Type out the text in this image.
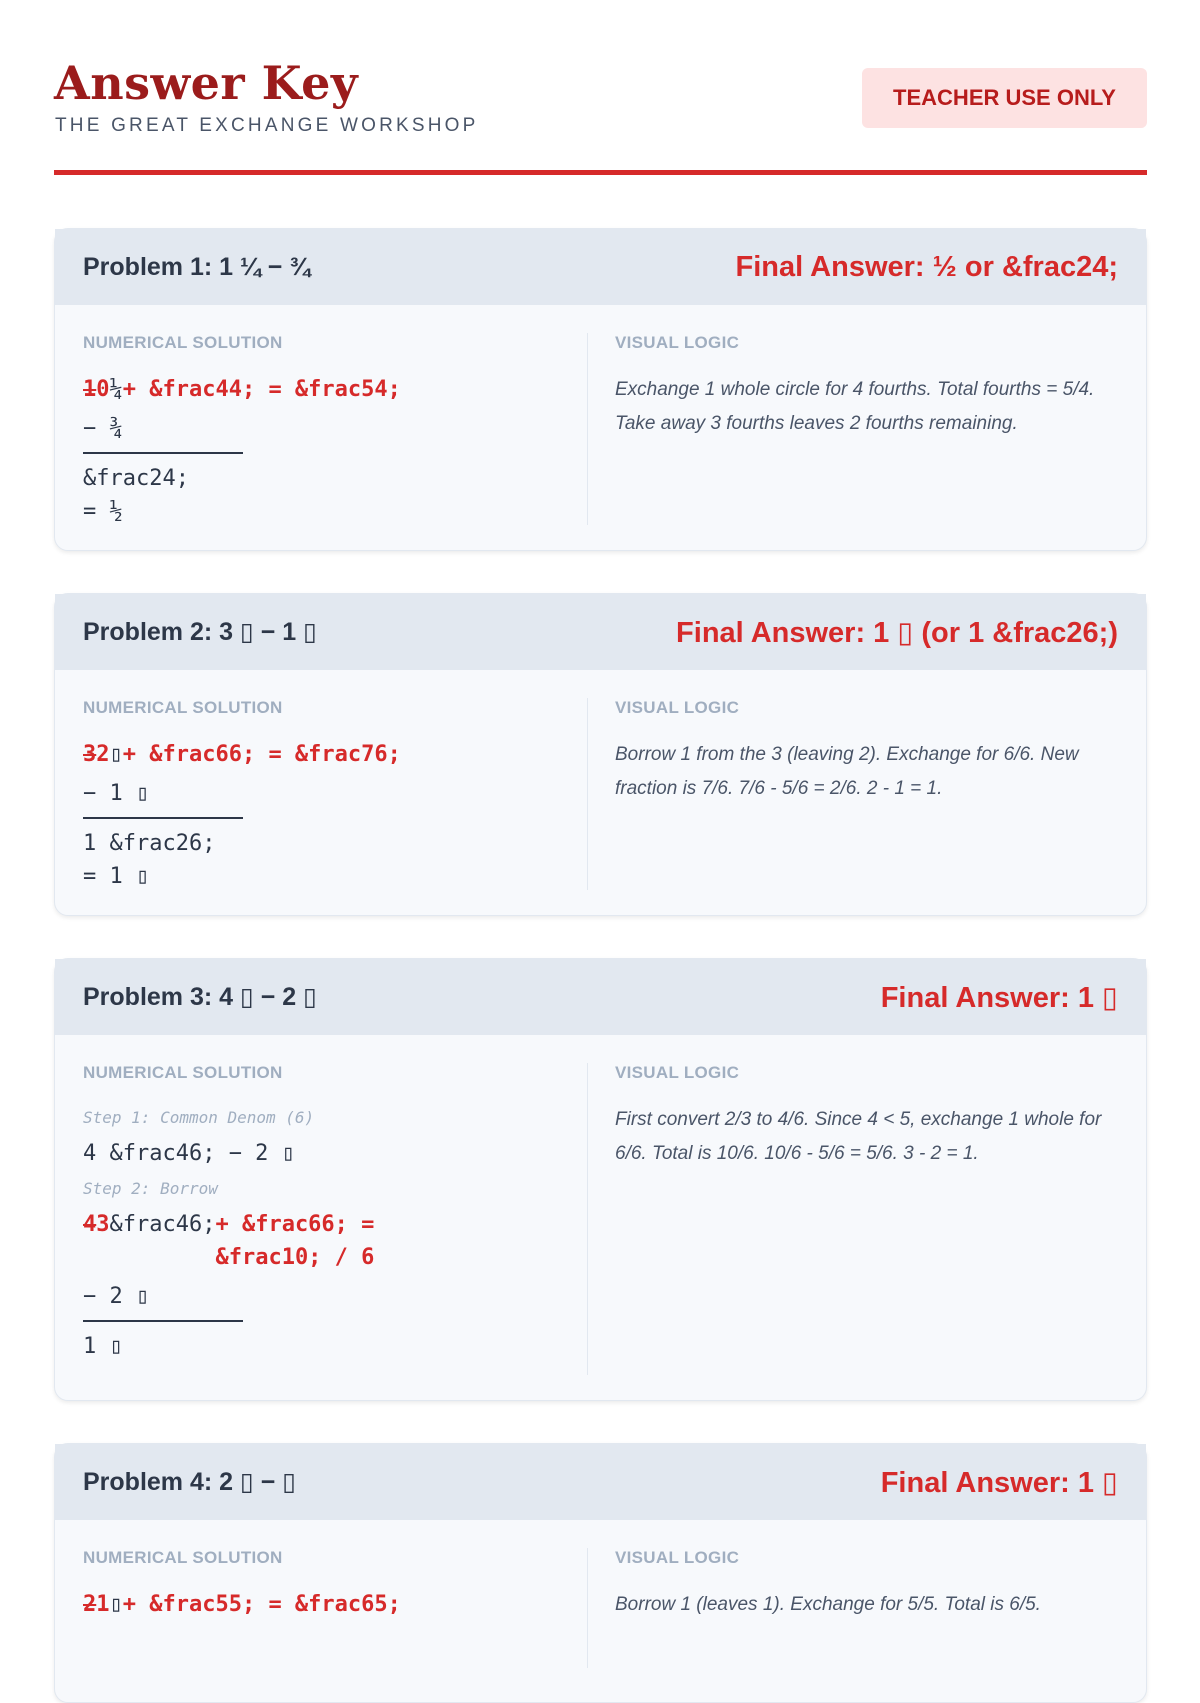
Answer Key
THE GREAT EXCHANGE WORKSHOP
TEACHER USE ONLY
Problem 1: 1 ¼ − ¾	Final Answer: ½ or &frac24;
NUMERICAL SOLUTION
1 0 ¼ + &frac44; = &frac54;
− ¾
&frac24;
= ½
VISUAL LOGIC
Exchange 1 whole circle for 4 fourths. Total fourths = 5/4. Take away 3 fourths leaves 2 fourths remaining.
Problem 2: 3 ▯ − 1 ▯	Final Answer: 1 ▯ (or 1 &frac26;)
NUMERICAL SOLUTION
3 2 ▯ + &frac66; = &frac76;
− 1 ▯
1 &frac26;
= 1 ▯
VISUAL LOGIC
Borrow 1 from the 3 (leaving 2). Exchange for 6/6. New fraction is 7/6. 7/6 - 5/6 = 2/6. 2 - 1 = 1.
Problem 3: 4 ▯ − 2 ▯	Final Answer: 1 ▯
NUMERICAL SOLUTION
Step 1: Common Denom (6)
4 &frac46; − 2 ▯
Step 2: Borrow
4 3 &frac46; + &frac66; =
&frac10; / 6
− 2 ▯
1 ▯
VISUAL LOGIC
First convert 2/3 to 4/6. Since 4 < 5, exchange 1 whole for 6/6. Total is 10/6. 10/6 - 5/6 = 5/6. 3 - 2 = 1.
Problem 4: 2 ▯ − ▯	Final Answer: 1 ▯
NUMERICAL SOLUTION
2 1 ▯ + &frac55; = &frac65;
VISUAL LOGIC
Borrow 1 (leaves 1). Exchange for 5/5. Total is 6/5.
